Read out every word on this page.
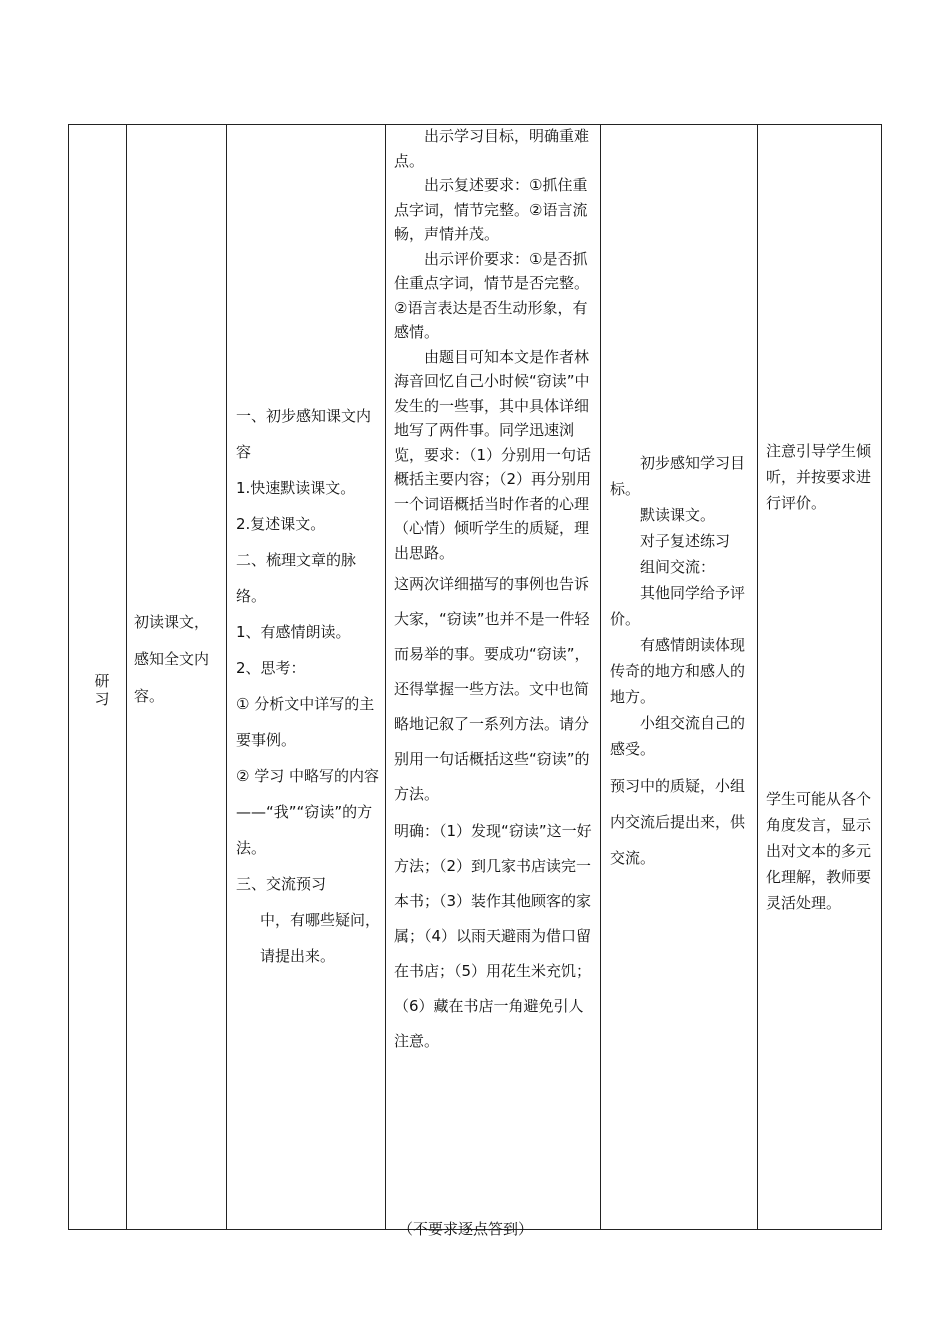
研
习

初读课文，感知全文内容。

一、初步感知课文内容

1.快速默读课文。

2.复述课文。

二、梳理文章的脉络。

1、有感情朗读。

2、思考：

① 分析文中详写的主要事例。

② 学习 中略写的内容——“我”“窃读”的方法。

三、交流预习

中，有哪些疑问，请提出来。

出示学习目标，明确重难点。

出示复述要求：①抓住重点字词，情节完整。②语言流畅，声情并茂。

出示评价要求：①是否抓住重点字词，情节是否完整。②语言表达是否生动形象，有感情。

由题目可知本文是作者林海音回忆自己小时候“窃读”中发生的一些事，其中具体详细地写了两件事。同学迅速浏览，要求：（1）分别用一句话概括主要内容；（2）再分别用一个词语概括当时作者的心理（心情）倾听学生的质疑，理出思路。

这两次详细描写的事例也告诉大家，“窃读”也并不是一件轻而易举的事。要成功“窃读”，还得掌握一些方法。文中也简略地记叙了一系列方法。请分别用一句话概括这些“窃读”的方法。

明确：（1）发现“窃读”这一好方法；（2）到几家书店读完一本书；（3）装作其他顾客的家属；（4）以雨天避雨为借口留在书店；（5）用花生米充饥；（6）藏在书店一角避免引人注意。

（不要求逐点答到）

初步感知学习目标。

默读课文。

对子复述练习

组间交流：

其他同学给予评价。

有感情朗读体现传奇的地方和感人的地方。

小组交流自己的感受。

预习中的质疑，小组内交流后提出来，供交流。

注意引导学生倾听，并按要求进行评价。

学生可能从各个角度发言，显示出对文本的多元化理解，教师要灵活处理。
